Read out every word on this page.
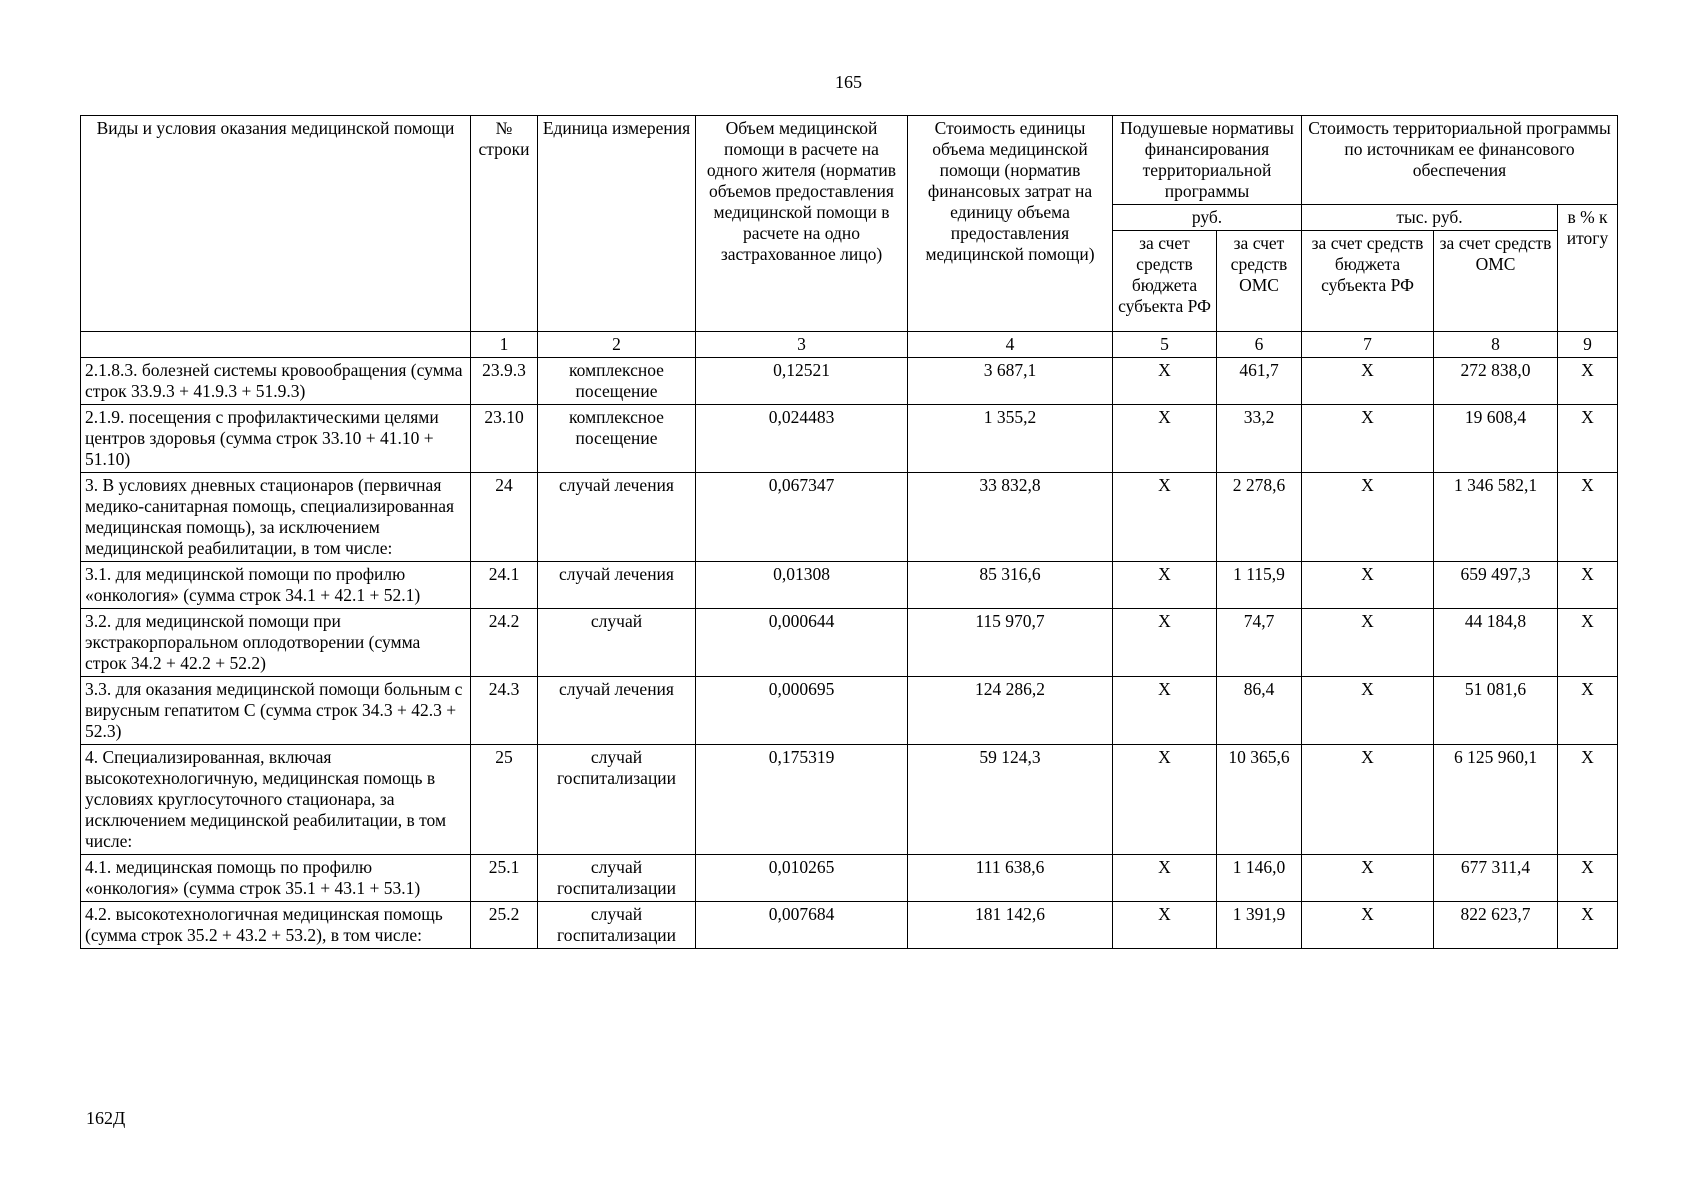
165
Виды и условия оказания медицинской помощи	№ строки	Единица измерения	Объем медицинской помощи в расчете на одного жителя (норматив объемов предоставления медицинской помощи в расчете на одно застрахованное лицо)	Стоимость единицы объема медицинской помощи (норматив финансовых затрат на единицу объема предоставления медицинской помощи)	Подушевые нормативы финансирования территориальной программы		Стоимость территориальной программы по источникам ее финансового обеспечения		
					руб.		тыс. руб.		в % к итогу
					за счет средств бюджета субъекта РФ	за счет средств ОМС	за счет средств бюджета субъекта РФ	за счет средств ОМС	
	1	2	3	4	5	6	7	8	9
2.1.8.3. болезней системы кровообращения (сумма строк 33.9.3 + 41.9.3 + 51.9.3)	23.9.3	комплексное посещение	0,12521	3 687,1	Х	461,7	Х	272 838,0	Х
2.1.9. посещения с профилактическими целями центров здоровья (сумма строк 33.10 + 41.10 + 51.10)	23.10	комплексное посещение	0,024483	1 355,2	Х	33,2	Х	19 608,4	Х
3. В условиях дневных стационаров (первичная медико-санитарная помощь, специализированная медицинская помощь), за исключением медицинской реабилитации, в том числе:	24	случай лечения	0,067347	33 832,8	Х	2 278,6	Х	1 346 582,1	Х
3.1. для медицинской помощи по профилю «онкология» (сумма строк 34.1 + 42.1 + 52.1)	24.1	случай лечения	0,01308	85 316,6	Х	1 115,9	Х	659 497,3	Х
3.2. для медицинской помощи при экстракорпоральном оплодотворении (сумма строк 34.2 + 42.2 + 52.2)	24.2	случай	0,000644	115 970,7	Х	74,7	Х	44 184,8	Х
3.3. для оказания медицинской помощи больным с вирусным гепатитом С (сумма строк 34.3 + 42.3 + 52.3)	24.3	случай лечения	0,000695	124 286,2	Х	86,4	Х	51 081,6	Х
4. Специализированная, включая высокотехнологичную, медицинская помощь в условиях круглосуточного стационара, за исключением медицинской реабилитации, в том числе:	25	случай госпитализации	0,175319	59 124,3	Х	10 365,6	Х	6 125 960,1	Х
4.1. медицинская помощь по профилю «онкология» (сумма строк 35.1 + 43.1 + 53.1)	25.1	случай госпитализации	0,010265	111 638,6	Х	1 146,0	Х	677 311,4	Х
4.2. высокотехнологичная медицинская помощь (сумма строк 35.2 + 43.2 + 53.2), в том числе:	25.2	случай госпитализации	0,007684	181 142,6	Х	1 391,9	Х	822 623,7	Х
162Д
